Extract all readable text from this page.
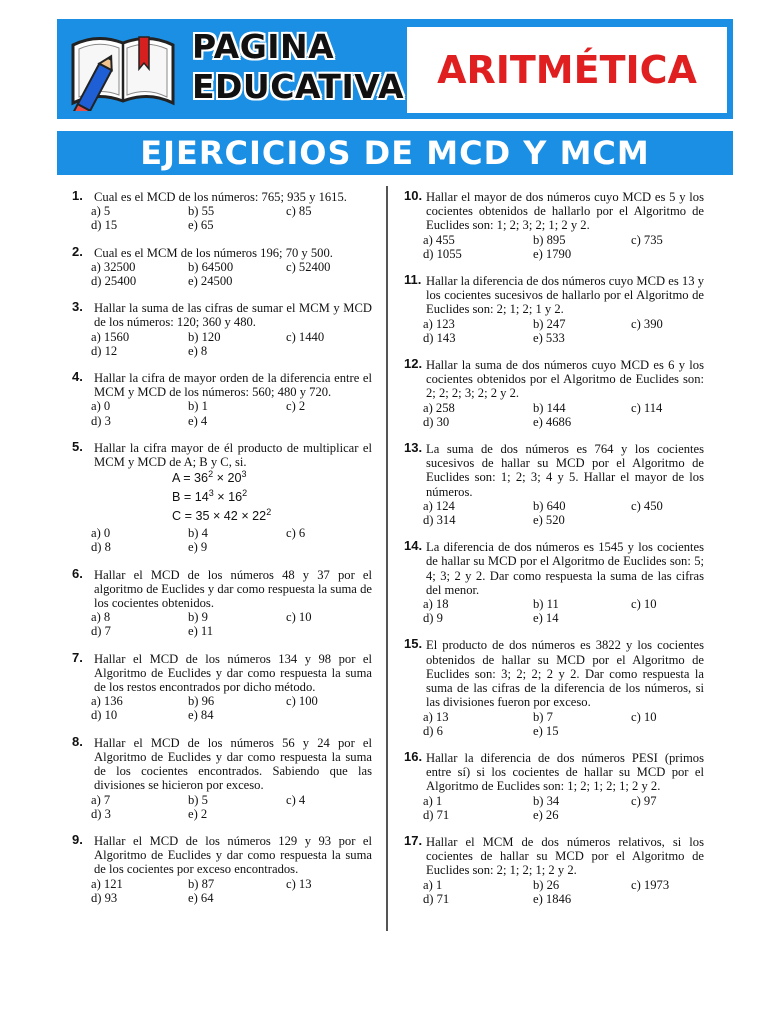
PAGINA
EDUCATIVA ARITMÉTICA
EJERCICIOS DE MCD Y MCM
1. Cual es el MCD de los números: 765; 935 y 1615.
a) 5	b) 55	c) 85
d) 15	e) 65
2. Cual es el MCM de los números 196; 70 y 500.
a) 32500	b) 64500	c) 52400
d) 25400	e) 24500
3. Hallar la suma de las cifras de sumar el MCM y MCD de los números: 120; 360 y 480.
a) 1560	b) 120	c) 1440
d) 12	e) 8
4. Hallar la cifra de mayor orden de la diferencia entre el MCM y MCD de los números: 560; 480 y 720.
a) 0	b) 1	c) 2
d) 3	e) 4
5. Hallar la cifra mayor de él producto de multiplicar el MCM y MCD de A; B y C, si.
$A = 36^2 \times 20^3$
$B = 14^3 \times 16^2$
$C = 35 \times 42 \times 22^2$
a) 0	b) 4	c) 6
d) 8	e) 9
6. Hallar el MCD de los números 48 y 37 por el algoritmo de Euclides y dar como respuesta la suma de los cocientes obtenidos.
a) 8	b) 9	c) 10
d) 7	e) 11
7. Hallar el MCD de los números 134 y 98 por el Algoritmo de Euclides y dar como respuesta la suma de los restos encontrados por dicho método.
a) 136	b) 96	c) 100
d) 10	e) 84
8. Hallar el MCD de los números 56 y 24 por el Algoritmo de Euclides y dar como respuesta la suma de los cocientes encontrados. Sabiendo que las divisiones se hicieron por exceso.
a) 7	b) 5	c) 4
d) 3	e) 2
9. Hallar el MCD de los números 129 y 93 por el Algoritmo de Euclides y dar como respuesta la suma de los cocientes por exceso encontrados.
a) 121	b) 87	c) 13
d) 93	e) 64
10. Hallar el mayor de dos números cuyo MCD es 5 y los cocientes obtenidos de hallarlo por el Algoritmo de Euclides son: 1; 2; 3; 2; 1; 2 y 2.
a) 455	b) 895	c) 735
d) 1055	e) 1790
11. Hallar la diferencia de dos números cuyo MCD es 13 y los cocientes sucesivos de hallarlo por el Algoritmo de Euclides son: 2; 1; 2; 1 y 2.
a) 123	b) 247	c) 390
d) 143	e) 533
12. Hallar la suma de dos números cuyo MCD es 6 y los cocientes obtenidos por el Algoritmo de Euclides son: 2; 2; 2; 3; 2; 2 y 2.
a) 258	b) 144	c) 114
d) 30	e) 4686
13. La suma de dos números es 764 y los cocientes sucesivos de hallar su MCD por el Algoritmo de Euclides son: 1; 2; 3; 4 y 5. Hallar el mayor de los números.
a) 124	b) 640	c) 450
d) 314	e) 520
14. La diferencia de dos números es 1545 y los cocientes de hallar su MCD por el Algoritmo de Euclides son: 5; 4; 3; 2 y 2. Dar como respuesta la suma de las cifras del menor.
a) 18	b) 11	c) 10
d) 9	e) 14
15. El producto de dos números es 3822 y los cocientes obtenidos de hallar su MCD por el Algoritmo de Euclides son: 3; 2; 2; 2 y 2. Dar como respuesta la suma de las cifras de la diferencia de los números, si las divisiones fueron por exceso.
a) 13	b) 7	c) 10
d) 6	e) 15
16. Hallar la diferencia de dos números PESI (primos entre sí) si los cocientes de hallar su MCD por el Algoritmo de Euclides son: 1; 2; 1; 2; 1; 2 y 2.
a) 1	b) 34	c) 97
d) 71	e) 26
17. Hallar el MCM de dos números relativos, si los cocientes de hallar su MCD por el Algoritmo de Euclides son: 2; 1; 2; 1; 2 y 2.
a) 1	b) 26	c) 1973
d) 71	e) 1846
